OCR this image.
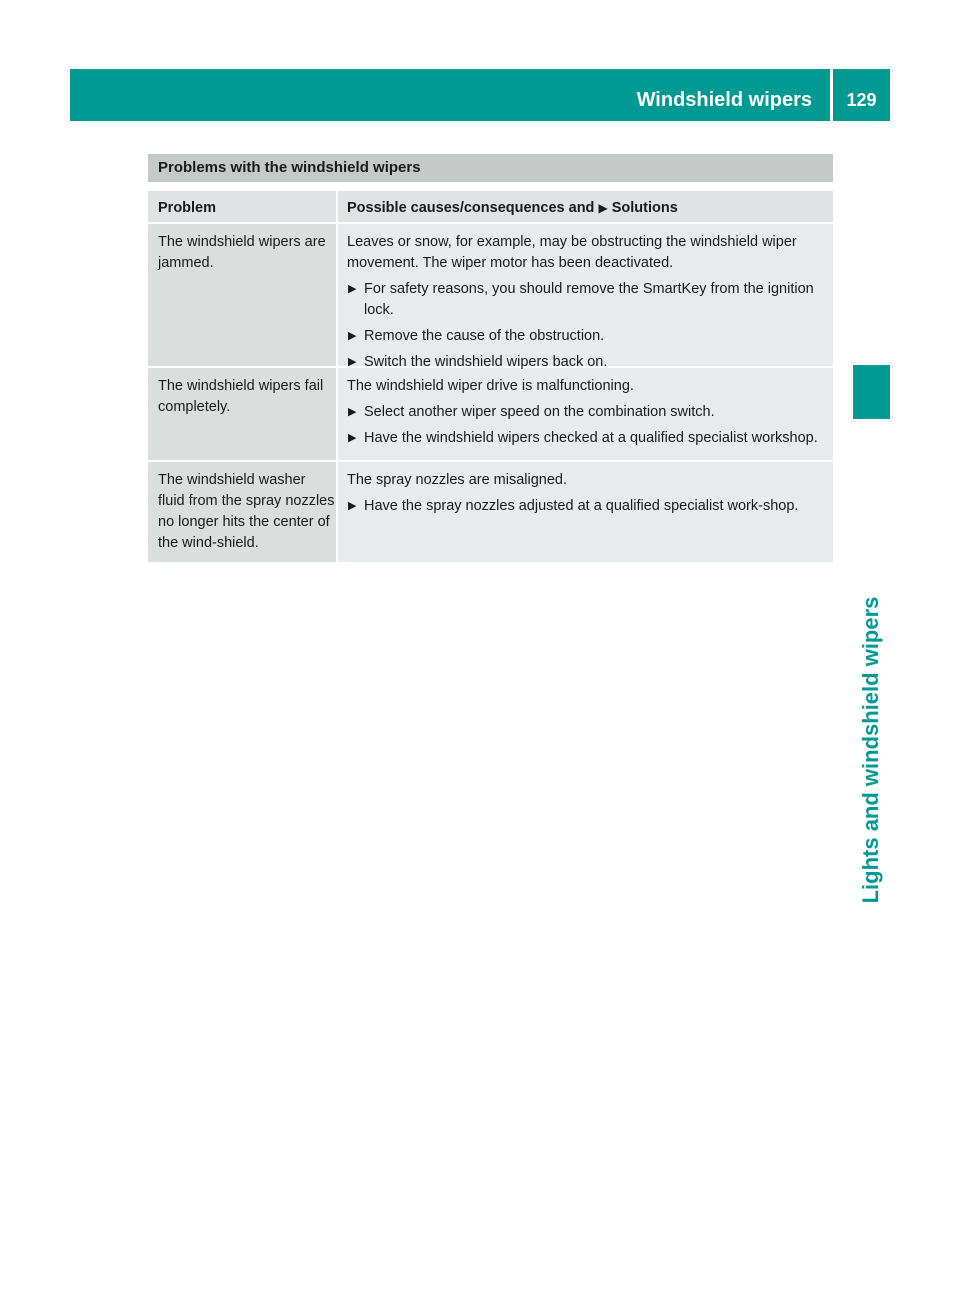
Windshield wipers	129
Lights and windshield wipers
Problems with the windshield wipers
Problem	Possible causes/consequences and ▶ Solutions
The windshield wipers are jammed.

Leaves or snow, for example, may be obstructing the windshield wiper movement. The wiper motor has been deactivated.

▶ For safety reasons, you should remove the SmartKey from the ignition lock.
▶ Remove the cause of the obstruction.
▶ Switch the windshield wipers back on.
The windshield wipers fail completely.

The windshield wiper drive is malfunctioning.

▶ Select another wiper speed on the combination switch.
▶ Have the windshield wipers checked at a qualified specialist workshop.
The windshield washer fluid from the spray nozzles no longer hits the center of the wind-shield.

The spray nozzles are misaligned.

▶ Have the spray nozzles adjusted at a qualified specialist work-shop.
